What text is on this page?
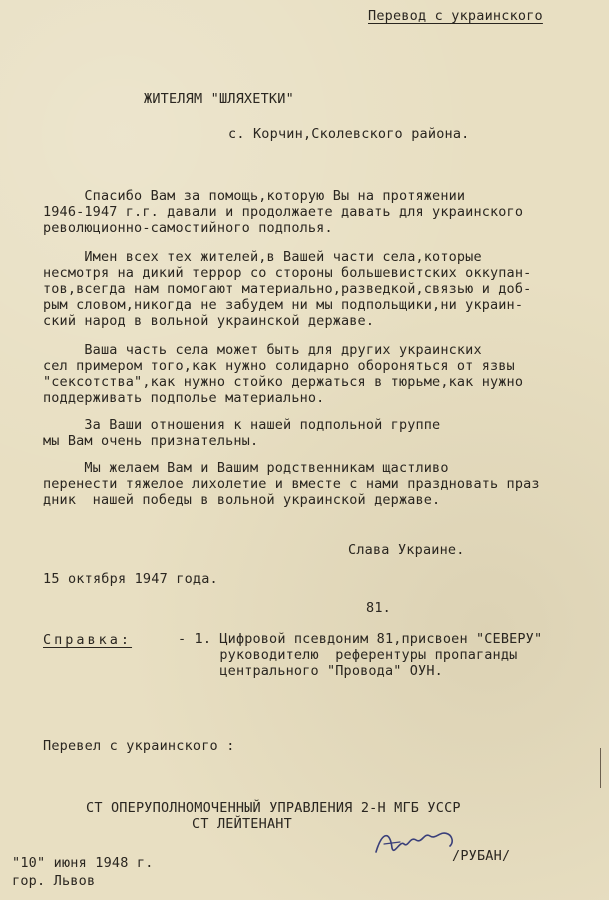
Перевод с украинского
ЖИТЕЛЯМ "ШЛЯХЕТКИ"
с. Корчин,Сколевского района.
Спасибо Вам за помощь,которую Вы на протяжении
1946-1947 г.г. давали и продолжаете давать для украинского
революционно-самостийного подполья.
Имен всех тех жителей,в Вашей части села,которые
несмотря на дикий террор со стороны большевистских оккупан-
тов,всегда нам помогают материально,разведкой,связью и доб-
рым словом,никогда не забудем ни мы подпольщики,ни украин-
ский народ в вольной украинской державе.
Ваша часть села может быть для других украинских
сел примером того,как нужно солидарно обороняться от язвы
"сексотства",как нужно стойко держаться в тюрьме,как нужно
поддерживать подполье материально.
За Ваши отношения к нашей подпольной группе
мы Вам очень признательны.
Мы желаем Вам и Вашим родственникам щастливо
перенести тяжелое лихолетие и вместе с нами праздновать праз
дник  нашей победы в вольной украинской державе.
Слава Украине.
15 октября 1947 года.
81.
Справка:	- 1. Цифровой псевдоним 81,присвоен "СЕВЕРУ"
руководителю  референтуры пропаганды
центрального "Провода" ОУН.
Перевел с украинского :
СТ ОПЕРУПОЛНОМОЧЕННЫЙ УПРАВЛЕНИЯ 2-Н МГБ УССР
СТ ЛЕЙТЕНАНТ
/РУБАН/
"10" июня 1948 г.
гор. Львов
